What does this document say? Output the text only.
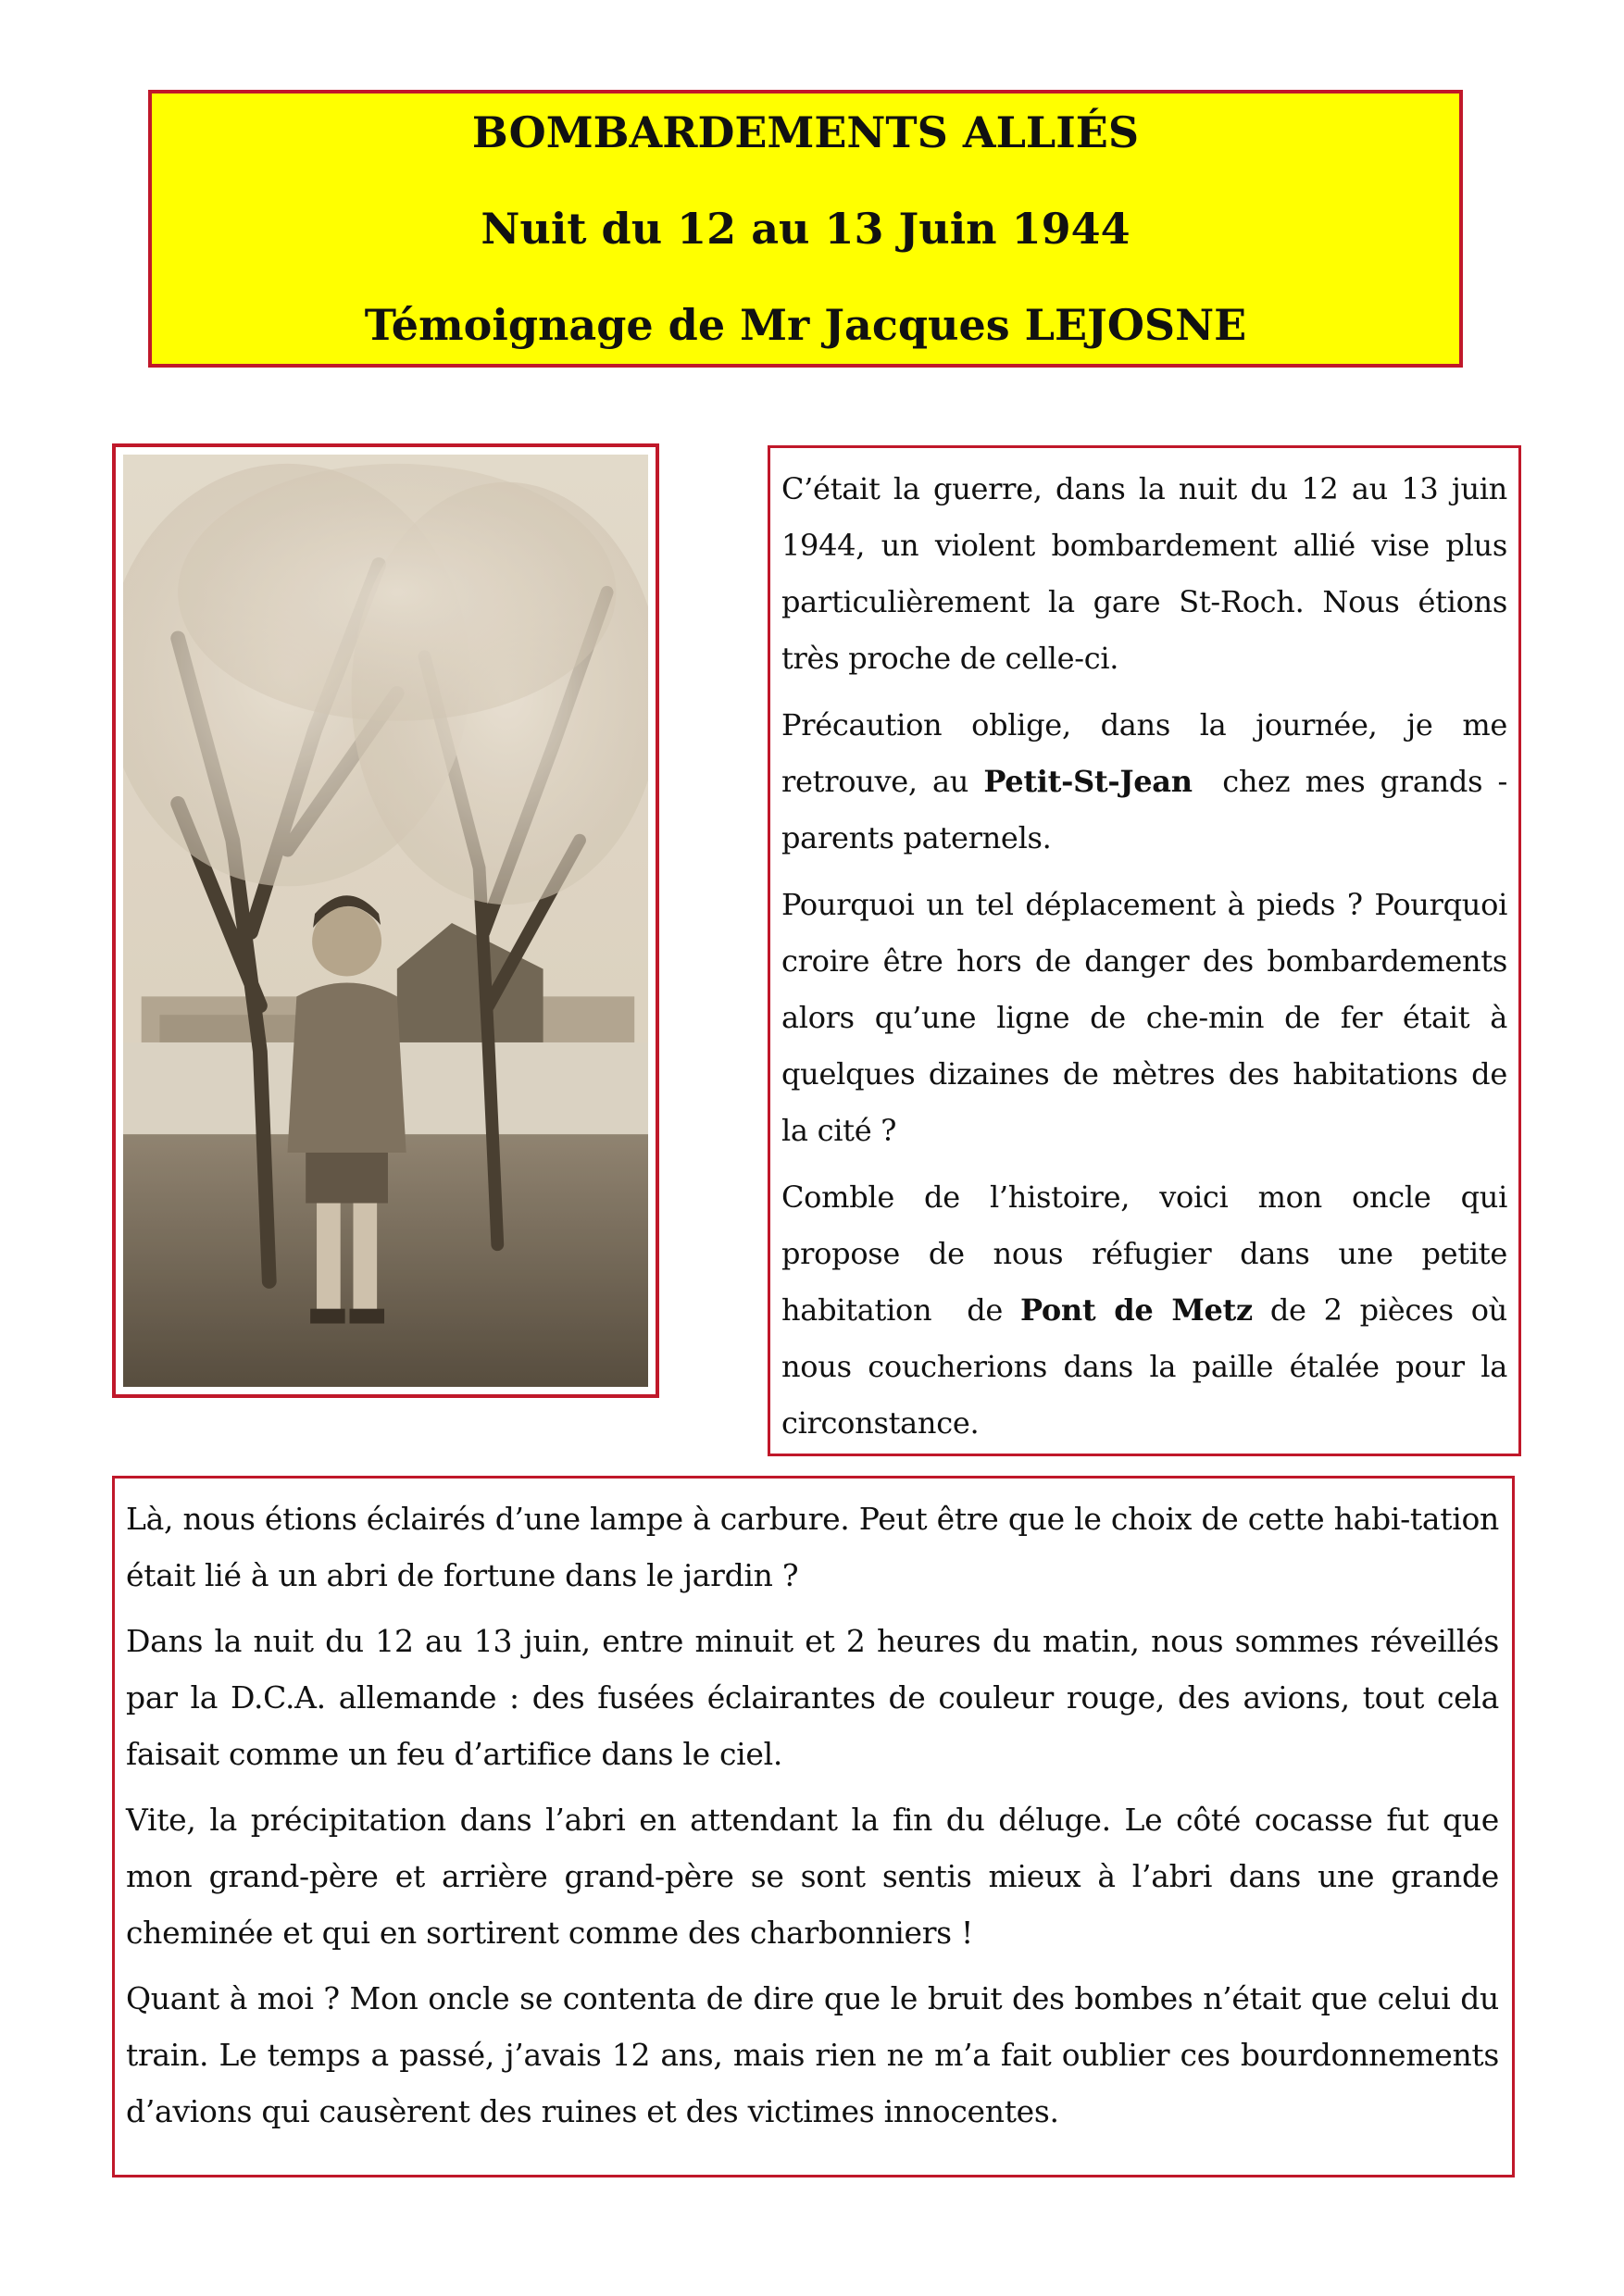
BOMBARDEMENTS ALLIÉS
Nuit du 12 au 13 Juin 1944
Témoignage de Mr Jacques LEJOSNE

C’était la guerre, dans la nuit du 12 au 13 juin 1944, un violent bombardement allié vise plus particulièrement la gare St-Roch. Nous étions très proche de celle-ci.

Précaution oblige, dans la journée, je me retrouve, au Petit-St-Jean  chez mes grands -parents paternels.

Pourquoi un tel déplacement à pieds ? Pourquoi croire être hors de danger des bombardements alors qu’une ligne de che-min de fer était à quelques dizaines de mètres des habitations de la cité ?

Comble de l’histoire, voici mon oncle qui propose de nous réfugier dans une petite habitation  de Pont de Metz de 2 pièces où nous coucherions dans la paille étalée pour la circonstance.

Là, nous étions éclairés d’une lampe à carbure. Peut être que le choix de cette habi-tation était lié à un abri de fortune dans le jardin ?

Dans la nuit du 12 au 13 juin, entre minuit et 2 heures du matin, nous sommes réveillés par la D.C.A. allemande : des fusées éclairantes de couleur rouge, des avions, tout cela faisait comme un feu d’artifice dans le ciel.

Vite, la précipitation dans l’abri en attendant la fin du déluge. Le côté cocasse fut que mon grand-père et arrière grand-père se sont sentis mieux à l’abri dans une grande cheminée et qui en sortirent comme des charbonniers !

Quant à moi ? Mon oncle se contenta de dire que le bruit des bombes n’était que celui du train. Le temps a passé, j’avais 12 ans, mais rien ne m’a fait oublier ces bourdonnements d’avions qui causèrent des ruines et des victimes innocentes.
